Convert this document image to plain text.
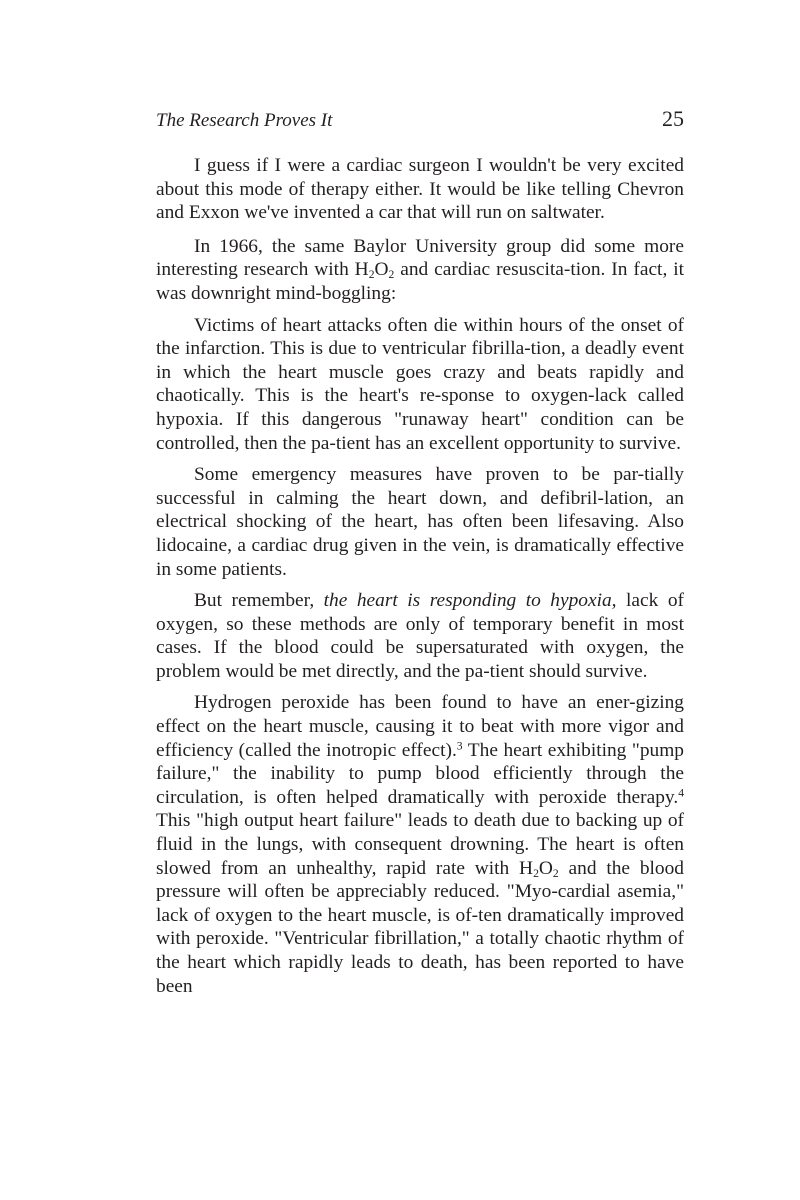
The Research Proves It	25

I guess if I were a cardiac surgeon I wouldn't be very excited about this mode of therapy either. It would be like telling Chevron and Exxon we've invented a car that will run on saltwater.

In 1966, the same Baylor University group did some more interesting research with $H_2O_2$ and cardiac resuscita-tion. In fact, it was downright mind-boggling:

Victims of heart attacks often die within hours of the onset of the infarction. This is due to ventricular fibrilla-tion, a deadly event in which the heart muscle goes crazy and beats rapidly and chaotically. This is the heart's re-sponse to oxygen-lack called hypoxia. If this dangerous "runaway heart" condition can be controlled, then the pa-tient has an excellent opportunity to survive.

Some emergency measures have proven to be par-tially successful in calming the heart down, and defibril-lation, an electrical shocking of the heart, has often been lifesaving. Also lidocaine, a cardiac drug given in the vein, is dramatically effective in some patients.

But remember, the heart is responding to hypoxia, lack of oxygen, so these methods are only of temporary benefit in most cases. If the blood could be supersaturated with oxygen, the problem would be met directly, and the pa-tient should survive.

Hydrogen peroxide has been found to have an ener-gizing effect on the heart muscle, causing it to beat with more vigor and efficiency (called the inotropic effect).$^3$ The heart exhibiting "pump failure," the inability to pump blood efficiently through the circulation, is often helped dramatically with peroxide therapy.$^4$ This "high output heart failure" leads to death due to backing up of fluid in the lungs, with consequent drowning. The heart is often slowed from an unhealthy, rapid rate with $H_2O_2$ and the blood pressure will often be appreciably reduced. "Myo-cardial asemia," lack of oxygen to the heart muscle, is of-ten dramatically improved with peroxide. "Ventricular fibrillation," a totally chaotic rhythm of the heart which rapidly leads to death, has been reported to have been
